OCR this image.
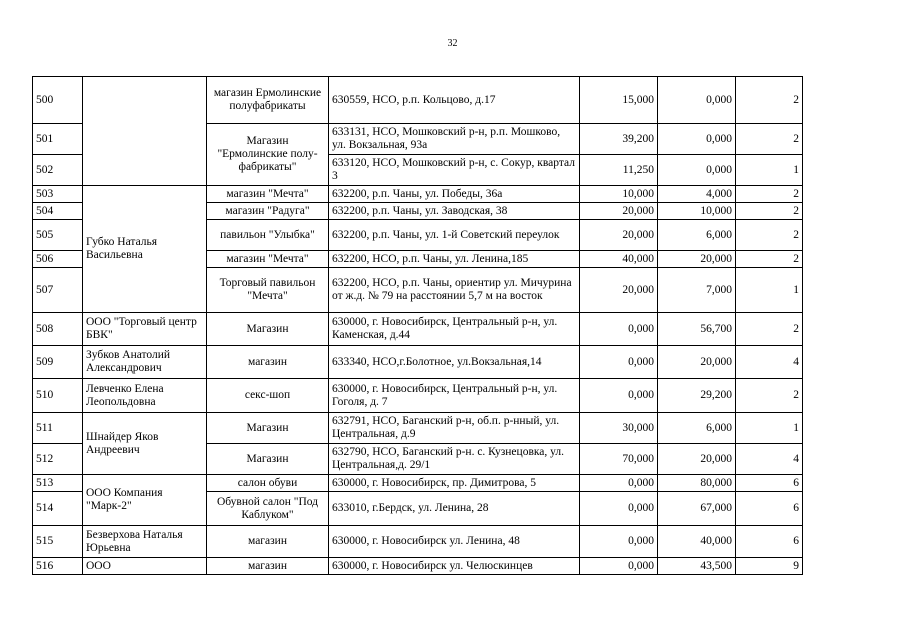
32
500		магазин Ермолинские полуфабрикаты	630559, НСО, р.п. Кольцово, д.17	15,000	0,000	2
501		Магазин "Ермолинские полу-фабрикаты"	633131, НСО, Мошковский р-н, р.п. Мошково, ул. Вокзальная, 93а	39,200	0,000	2
502			633120, НСО, Мошковский р-н, с. Сокур, квартал 3	11,250	0,000	1
503	Губко Наталья Васильевна	магазин "Мечта"	632200, р.п. Чаны, ул. Победы, 36а	10,000	4,000	2
504		магазин "Радуга"	632200, р.п. Чаны, ул. Заводская, 38	20,000	10,000	2
505		павильон "Улыбка"	632200, р.п. Чаны, ул. 1-й Советский переулок	20,000	6,000	2
506		магазин "Мечта"	632200, НСО, р.п. Чаны, ул. Ленина,185	40,000	20,000	2
507		Торговый павильон "Мечта"	632200, НСО, р.п. Чаны, ориентир ул. Мичурина от ж.д. № 79 на расстоянии 5,7 м на восток	20,000	7,000	1
508	ООО "Торговый центр БВК"	Магазин	630000, г. Новосибирск, Центральный р-н, ул. Каменская, д.44	0,000	56,700	2
509	Зубков Анатолий Александрович	магазин	633340, НСО,г.Болотное, ул.Вокзальная,14	0,000	20,000	4
510	Левченко Елена Леопольдовна	секс-шоп	630000, г. Новосибирск, Центральный р-н, ул. Гоголя, д. 7	0,000	29,200	2
511	Шнайдер Яков Андреевич	Магазин	632791, НСО, Баганский р-н, об.п. р-нный, ул. Центральная, д.9	30,000	6,000	1
512		Магазин	632790, НСО, Баганский р-н. с. Кузнецовка, ул. Центральная,д. 29/1	70,000	20,000	4
513	ООО Компания "Марк-2"	салон обуви	630000, г. Новосибирск, пр. Димитрова, 5	0,000	80,000	6
514		Обувной салон "Под Каблуком"	633010, г.Бердск, ул. Ленина, 28	0,000	67,000	6
515	Безверхова Наталья Юрьевна	магазин	630000, г. Новосибирск ул. Ленина, 48	0,000	40,000	6
516	ООО	магазин	630000, г. Новосибирск ул. Челюскинцев	0,000	43,500	9
